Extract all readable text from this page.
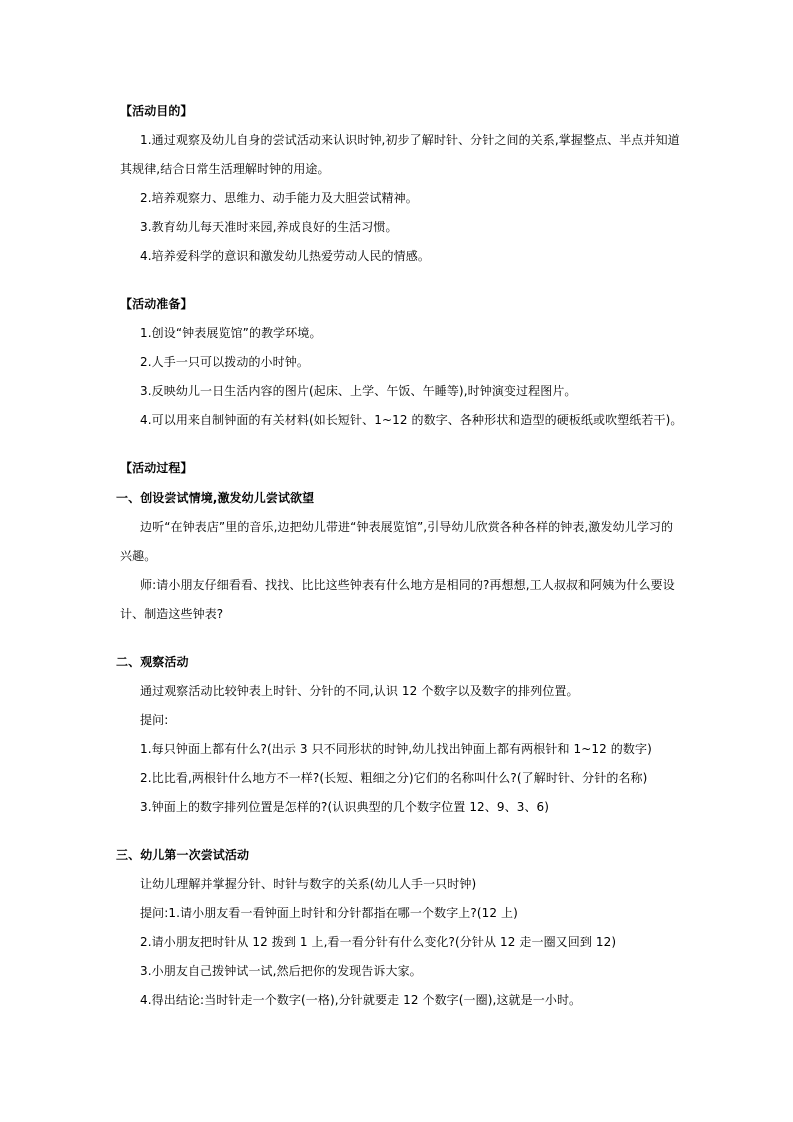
【活动目的】
1.通过观察及幼儿自身的尝试活动来认识时钟,初步了解时针、分针之间的关系,掌握整点、半点并知道
其规律,结合日常生活理解时钟的用途。
2.培养观察力、思维力、动手能力及大胆尝试精神。
3.教育幼儿每天准时来园,养成良好的生活习惯。
4.培养爱科学的意识和激发幼儿热爱劳动人民的情感。
【活动准备】
1.创设“钟表展览馆”的教学环境。
2.人手一只可以拨动的小时钟。
3.反映幼儿一日生活内容的图片(起床、上学、午饭、午睡等),时钟演变过程图片。
4.可以用来自制钟面的有关材料(如长短针、1~12 的数字、各种形状和造型的硬板纸或吹塑纸若干)。
【活动过程】
一、创设尝试情境,激发幼儿尝试欲望
边听“在钟表店”里的音乐,边把幼儿带进“钟表展览馆”,引导幼儿欣赏各种各样的钟表,激发幼儿学习的
兴趣。
师:请小朋友仔细看看、找找、比比这些钟表有什么地方是相同的?再想想,工人叔叔和阿姨为什么要设
计、制造这些钟表?
二、观察活动
通过观察活动比较钟表上时针、分针的不同,认识 12 个数字以及数字的排列位置。
提问:
1.每只钟面上都有什么?(出示 3 只不同形状的时钟,幼儿找出钟面上都有两根针和 1~12 的数字)
2.比比看,两根针什么地方不一样?(长短、粗细之分)它们的名称叫什么?(了解时针、分针的名称)
3.钟面上的数字排列位置是怎样的?(认识典型的几个数字位置 12、9、3、6)
三、幼儿第一次尝试活动
让幼儿理解并掌握分针、时针与数字的关系(幼儿人手一只时钟)
提问:1.请小朋友看一看钟面上时针和分针都指在哪一个数字上?(12 上)
2.请小朋友把时针从 12 拨到 1 上,看一看分针有什么变化?(分针从 12 走一圈又回到 12)
3.小朋友自己拨钟试一试,然后把你的发现告诉大家。
4.得出结论:当时针走一个数字(一格),分针就要走 12 个数字(一圈),这就是一小时。
